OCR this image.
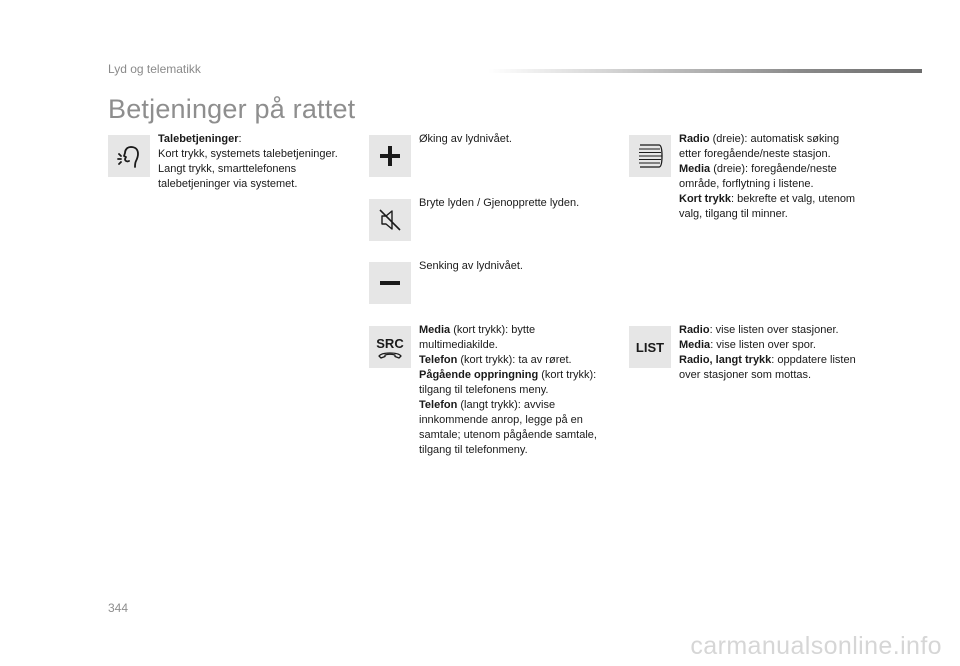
Lyd og telematikk
Betjeninger på rattet
Talebetjeninger:
Kort trykk, systemets talebetjeninger.
Langt trykk, smarttelefonens
talebetjeninger via systemet.
Øking av lydnivået.
Bryte lyden / Gjenopprette lyden.
Senking av lydnivået.
SRC
Media (kort trykk): bytte
multimediakilde.
Telefon (kort trykk): ta av røret.
Pågående oppringning (kort trykk):
tilgang til telefonens meny.
Telefon (langt trykk): avvise
innkommende anrop, legge på en
samtale; utenom pågående samtale,
tilgang til telefonmeny.
Radio (dreie): automatisk søking
etter foregående/neste stasjon.
Media (dreie): foregående/neste
område, forflytning i listene.
Kort trykk: bekrefte et valg, utenom
valg, tilgang til minner.
LIST
Radio: vise listen over stasjoner.
Media: vise listen over spor.
Radio, langt trykk: oppdatere listen
over stasjoner som mottas.
344
carmanualsonline.info
